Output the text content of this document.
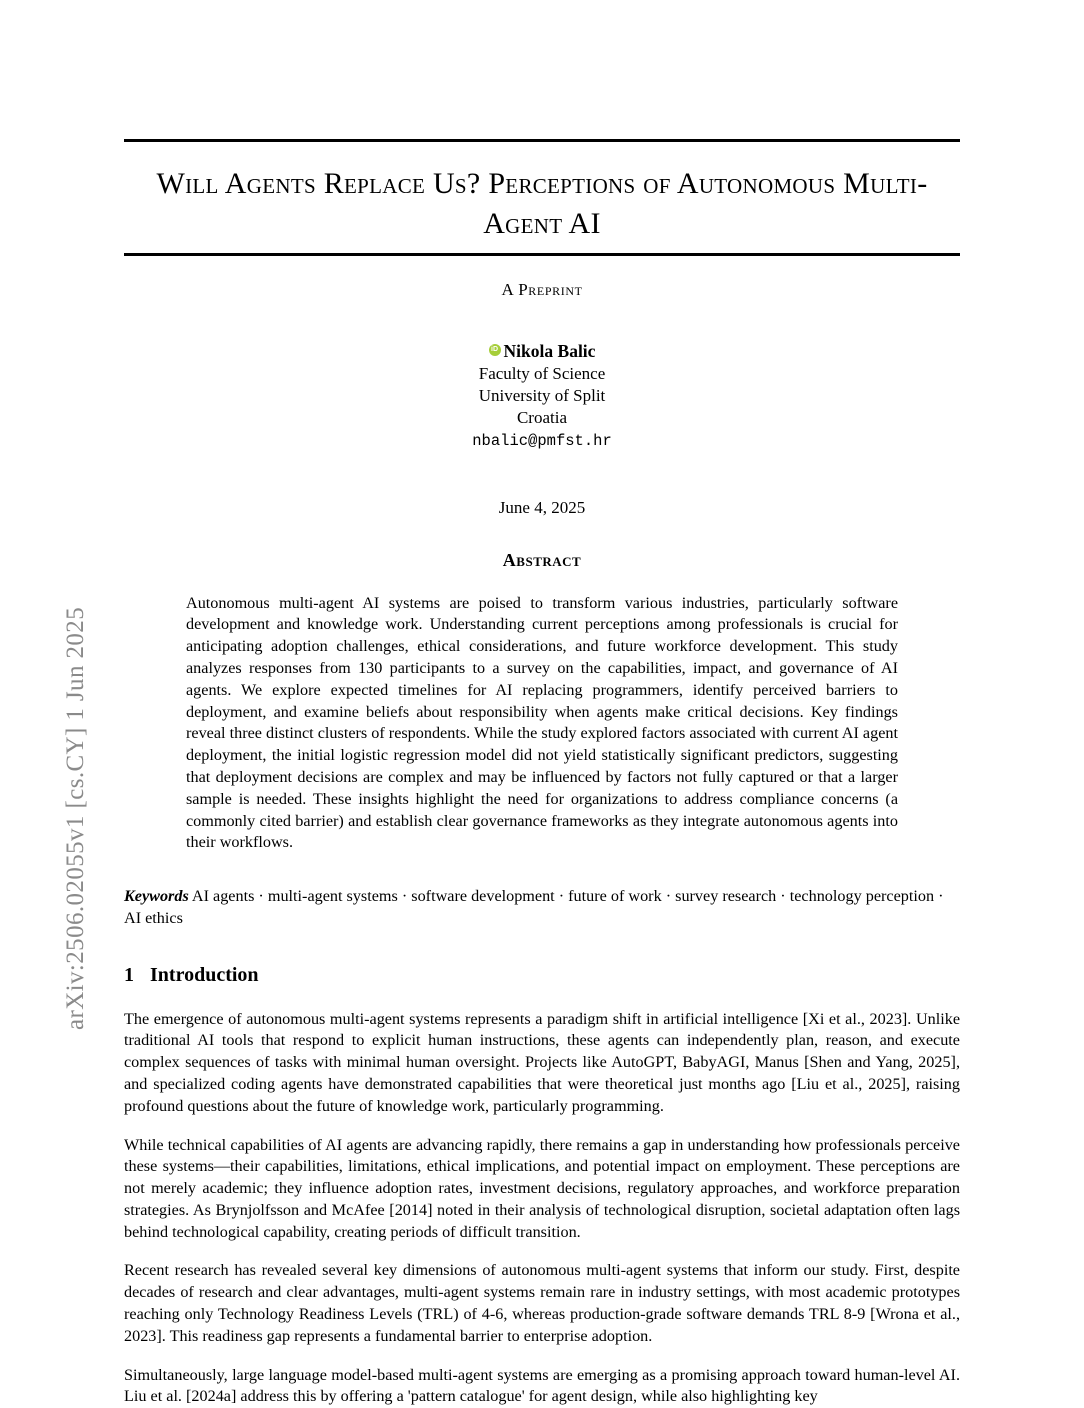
arXiv:2506.02055v1 [cs.CY] 1 Jun 2025
Will Agents Replace Us? Perceptions of Autonomous Multi-Agent AI
A Preprint
iDNikola Balic
Faculty of Science
University of Split
Croatia
nbalic@pmfst.hr
June 4, 2025
Abstract
Autonomous multi-agent AI systems are poised to transform various industries, particularly software development and knowledge work. Understanding current perceptions among professionals is crucial for anticipating adoption challenges, ethical considerations, and future workforce development. This study analyzes responses from 130 participants to a survey on the capabilities, impact, and governance of AI agents. We explore expected timelines for AI replacing programmers, identify perceived barriers to deployment, and examine beliefs about responsibility when agents make critical decisions. Key findings reveal three distinct clusters of respondents. While the study explored factors associated with current AI agent deployment, the initial logistic regression model did not yield statistically significant predictors, suggesting that deployment decisions are complex and may be influenced by factors not fully captured or that a larger sample is needed. These insights highlight the need for organizations to address compliance concerns (a commonly cited barrier) and establish clear governance frameworks as they integrate autonomous agents into their workflows.
Keywords AI agents · multi-agent systems · software development · future of work · survey research · technology perception · AI ethics
1 Introduction

The emergence of autonomous multi-agent systems represents a paradigm shift in artificial intelligence [Xi et al., 2023]. Unlike traditional AI tools that respond to explicit human instructions, these agents can independently plan, reason, and execute complex sequences of tasks with minimal human oversight. Projects like AutoGPT, BabyAGI, Manus [Shen and Yang, 2025], and specialized coding agents have demonstrated capabilities that were theoretical just months ago [Liu et al., 2025], raising profound questions about the future of knowledge work, particularly programming.

While technical capabilities of AI agents are advancing rapidly, there remains a gap in understanding how professionals perceive these systems—their capabilities, limitations, ethical implications, and potential impact on employment. These perceptions are not merely academic; they influence adoption rates, investment decisions, regulatory approaches, and workforce preparation strategies. As Brynjolfsson and McAfee [2014] noted in their analysis of technological disruption, societal adaptation often lags behind technological capability, creating periods of difficult transition.

Recent research has revealed several key dimensions of autonomous multi-agent systems that inform our study. First, despite decades of research and clear advantages, multi-agent systems remain rare in industry settings, with most academic prototypes reaching only Technology Readiness Levels (TRL) of 4-6, whereas production-grade software demands TRL 8-9 [Wrona et al., 2023]. This readiness gap represents a fundamental barrier to enterprise adoption.

Simultaneously, large language model-based multi-agent systems are emerging as a promising approach toward human-level AI. Liu et al. [2024a] address this by offering a 'pattern catalogue' for agent design, while also highlighting key
